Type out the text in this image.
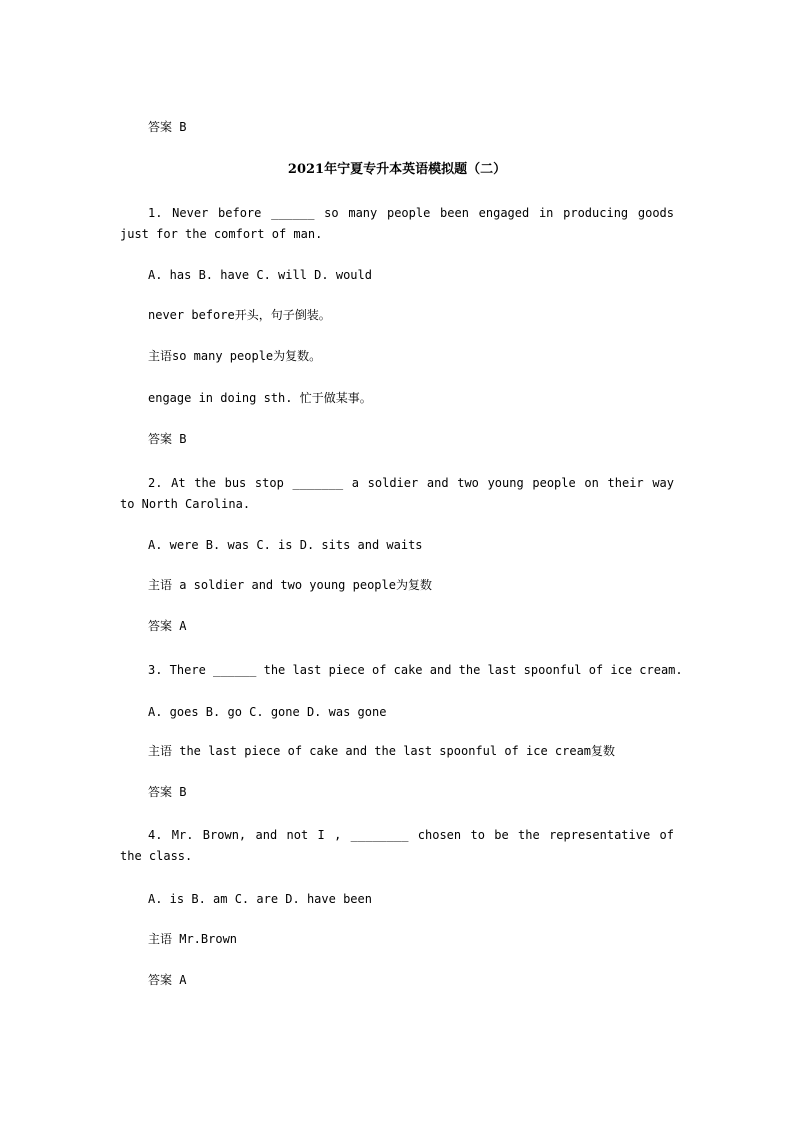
答案 B

2021年宁夏专升本英语模拟题（二）

1. Never before ______ so many people been engaged in producing goods just for the comfort of man.

A. has B. have C. will D. would

never before开头，句子倒装。

主语so many people为复数。

engage in doing sth. 忙于做某事。

答案 B

2. At the bus stop _______ a soldier and two young people on their way to North Carolina.

A. were B. was C. is D. sits and waits

主语 a soldier and two young people为复数

答案 A

3. There ______ the last piece of cake and the last spoonful of ice cream.

A. goes B. go C. gone D. was gone

主语 the last piece of cake and the last spoonful of ice cream复数

答案 B

4. Mr. Brown, and not I , ________ chosen to be the representative of the class.

A. is B. am C. are D. have been

主语 Mr.Brown

答案 A
